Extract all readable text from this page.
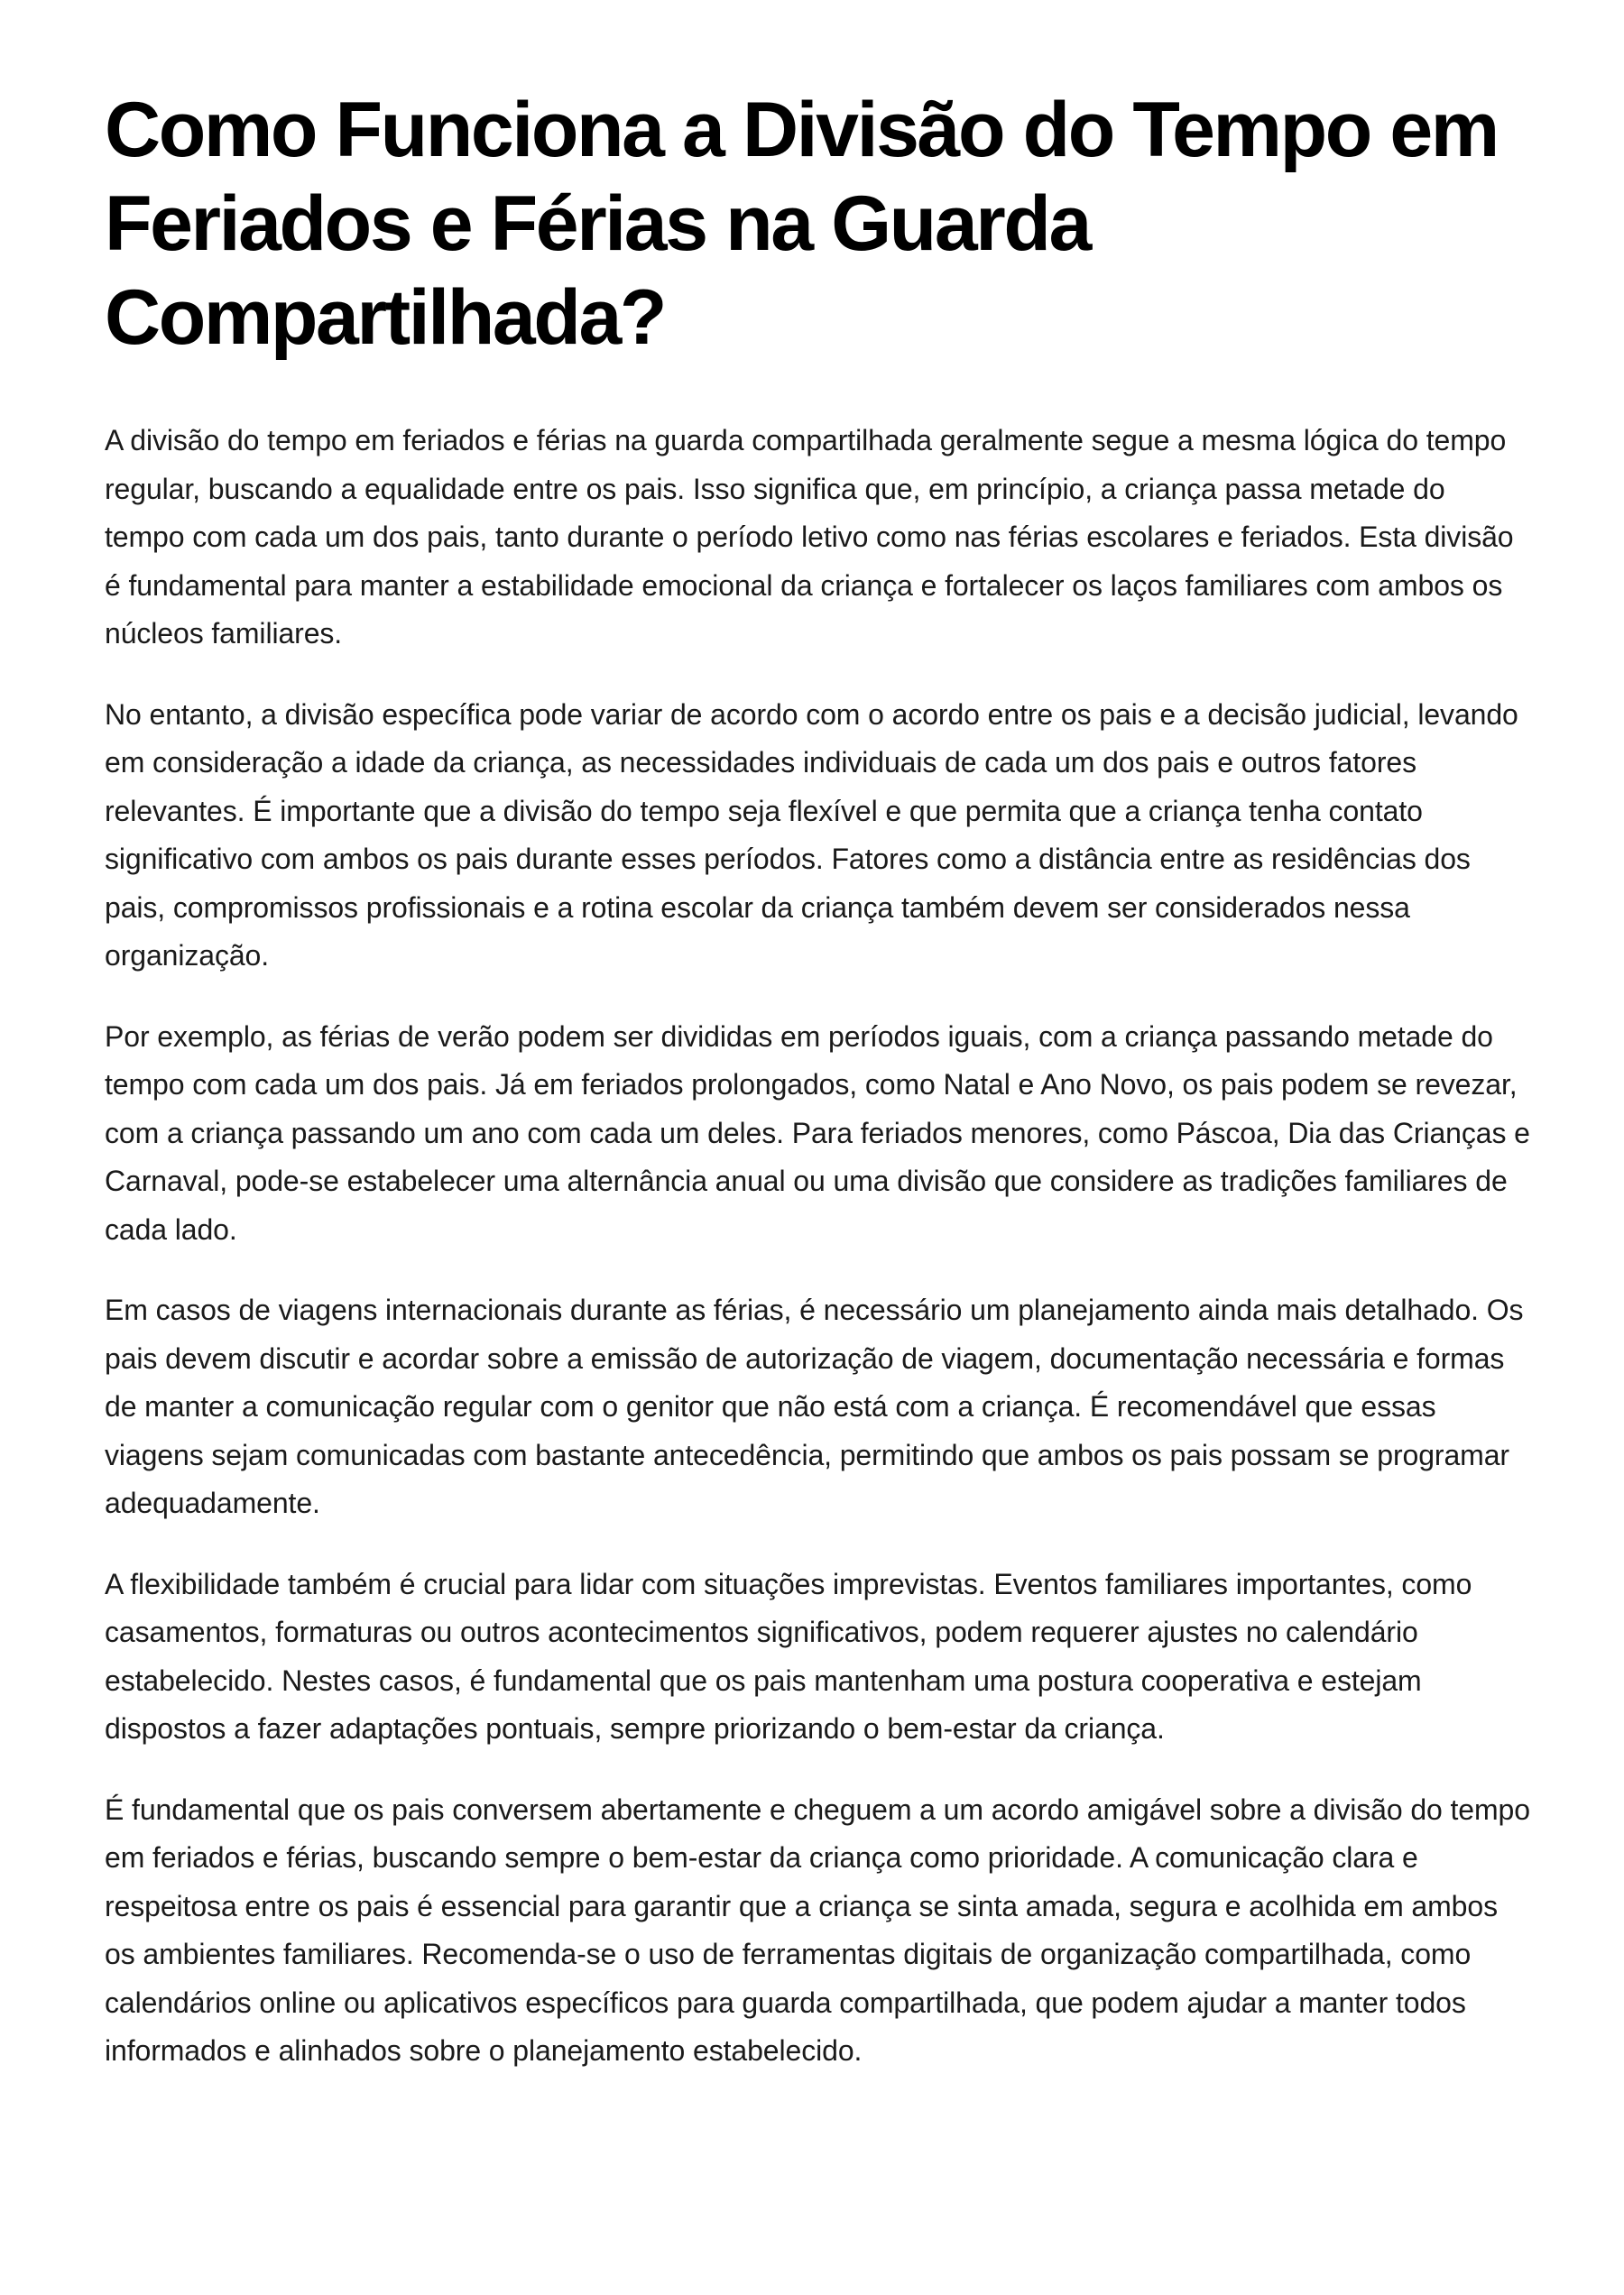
Como Funciona a Divisão do Tempo em Feriados e Férias na Guarda Compartilhada?

A divisão do tempo em feriados e férias na guarda compartilhada geralmente segue a mesma lógica do tempo regular, buscando a equalidade entre os pais. Isso significa que, em princípio, a criança passa metade do tempo com cada um dos pais, tanto durante o período letivo como nas férias escolares e feriados. Esta divisão é fundamental para manter a estabilidade emocional da criança e fortalecer os laços familiares com ambos os núcleos familiares.

No entanto, a divisão específica pode variar de acordo com o acordo entre os pais e a decisão judicial, levando em consideração a idade da criança, as necessidades individuais de cada um dos pais e outros fatores relevantes. É importante que a divisão do tempo seja flexível e que permita que a criança tenha contato significativo com ambos os pais durante esses períodos. Fatores como a distância entre as residências dos pais, compromissos profissionais e a rotina escolar da criança também devem ser considerados nessa organização.

Por exemplo, as férias de verão podem ser divididas em períodos iguais, com a criança passando metade do tempo com cada um dos pais. Já em feriados prolongados, como Natal e Ano Novo, os pais podem se revezar, com a criança passando um ano com cada um deles. Para feriados menores, como Páscoa, Dia das Crianças e Carnaval, pode-se estabelecer uma alternância anual ou uma divisão que considere as tradições familiares de cada lado.

Em casos de viagens internacionais durante as férias, é necessário um planejamento ainda mais detalhado. Os pais devem discutir e acordar sobre a emissão de autorização de viagem, documentação necessária e formas de manter a comunicação regular com o genitor que não está com a criança. É recomendável que essas viagens sejam comunicadas com bastante antecedência, permitindo que ambos os pais possam se programar adequadamente.

A flexibilidade também é crucial para lidar com situações imprevistas. Eventos familiares importantes, como casamentos, formaturas ou outros acontecimentos significativos, podem requerer ajustes no calendário estabelecido. Nestes casos, é fundamental que os pais mantenham uma postura cooperativa e estejam dispostos a fazer adaptações pontuais, sempre priorizando o bem-estar da criança.

É fundamental que os pais conversem abertamente e cheguem a um acordo amigável sobre a divisão do tempo em feriados e férias, buscando sempre o bem-estar da criança como prioridade. A comunicação clara e respeitosa entre os pais é essencial para garantir que a criança se sinta amada, segura e acolhida em ambos os ambientes familiares. Recomenda-se o uso de ferramentas digitais de organização compartilhada, como calendários online ou aplicativos específicos para guarda compartilhada, que podem ajudar a manter todos informados e alinhados sobre o planejamento estabelecido.
